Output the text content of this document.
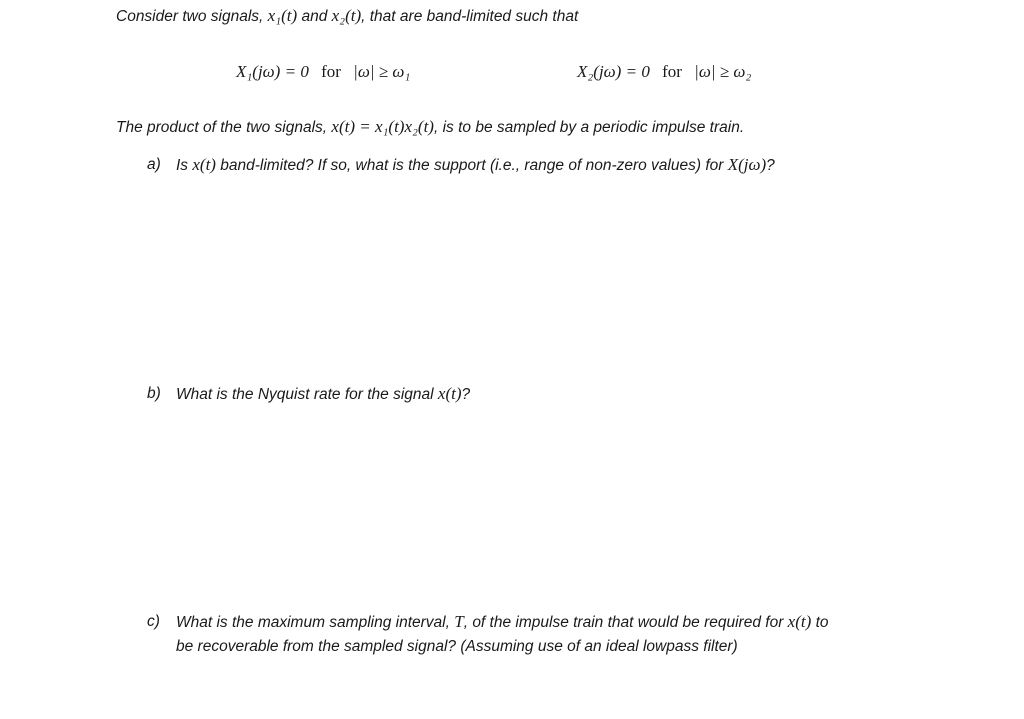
Consider two signals, x₁(t) and x₂(t), that are band-limited such that
X₁(jω) = 0 for |ω| ≥ ω₁	X₂(jω) = 0 for |ω| ≥ ω₂
The product of the two signals, x(t) = x₁(t)x₂(t), is to be sampled by a periodic impulse train.
a) Is x(t) band-limited? If so, what is the support (i.e., range of non-zero values) for X(jω)?
b) What is the Nyquist rate for the signal x(t)?
c) What is the maximum sampling interval, T, of the impulse train that would be required for x(t) to
be recoverable from the sampled signal? (Assuming use of an ideal lowpass filter)
